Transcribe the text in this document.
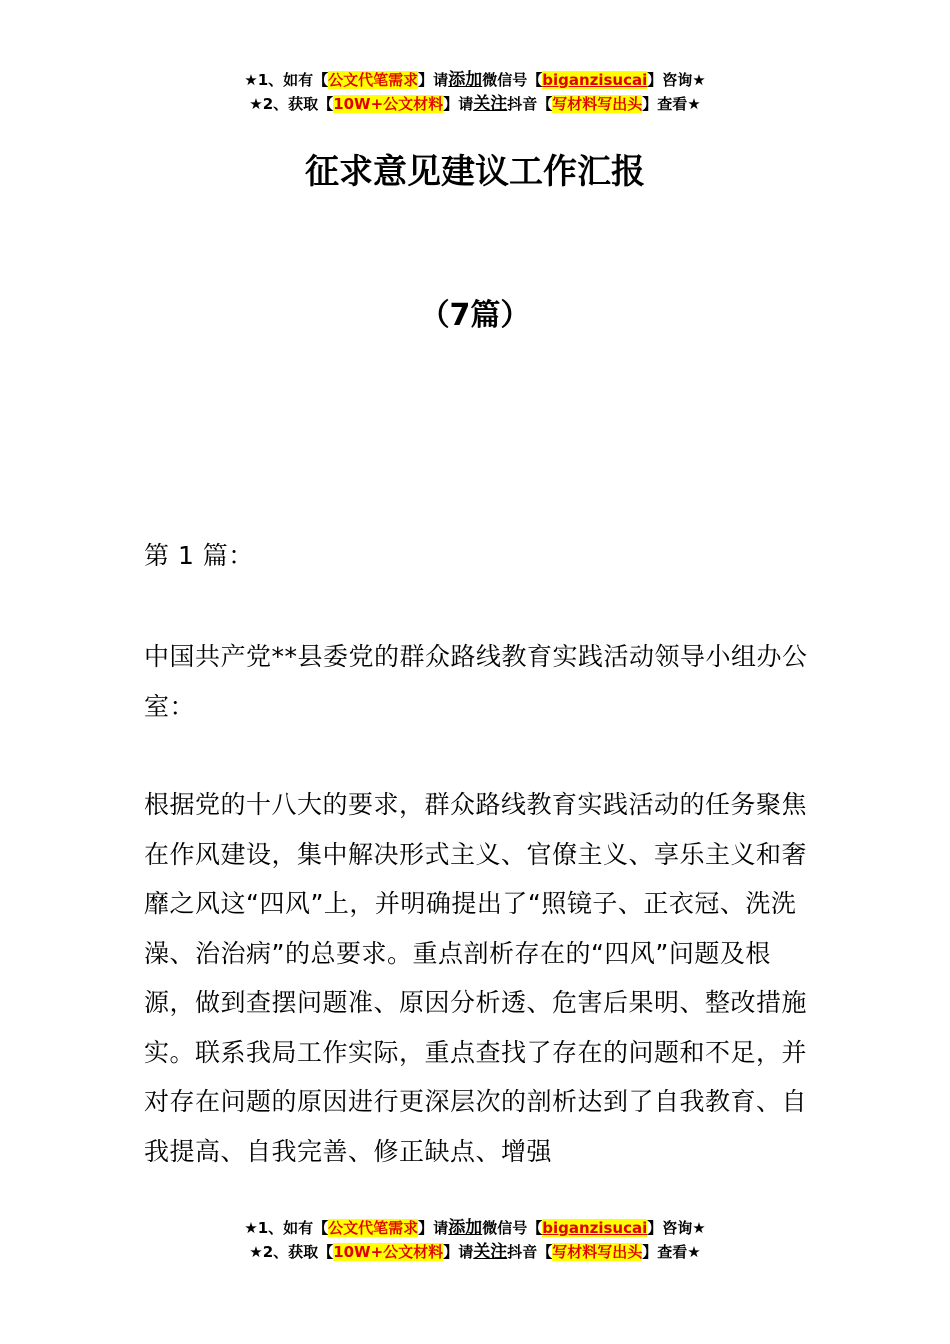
★1、如有【公文代笔需求】请添加微信号【biganzisucai】咨询★
★2、获取【10W+公文材料】请关注抖音【写材料写出头】查看★
征求意见建议工作汇报
（7篇）

第 1 篇：

中国共产党**县委党的群众路线教育实践活动领导小组办公室：

根据党的十八大的要求，群众路线教育实践活动的任务聚焦在作风建设，集中解决形式主义、官僚主义、享乐主义和奢靡之风这“四风”上，并明确提出了“照镜子、正衣冠、洗洗澡、治治病”的总要求。重点剖析存在的“四风”问题及根源，做到查摆问题准、原因分析透、危害后果明、整改措施实。联系我局工作实际，重点查找了存在的问题和不足，并对存在问题的原因进行更深层次的剖析达到了自我教育、自我提高、自我完善、修正缺点、增强

★1、如有【公文代笔需求】请添加微信号【biganzisucai】咨询★
★2、获取【10W+公文材料】请关注抖音【写材料写出头】查看★
